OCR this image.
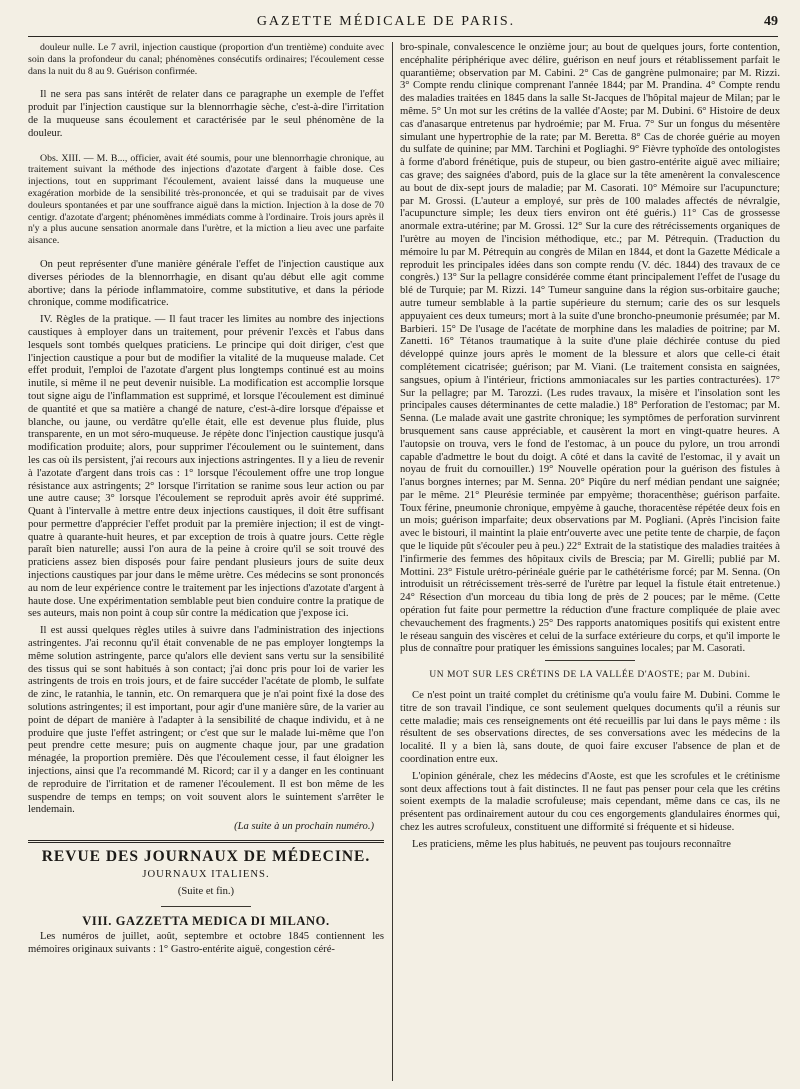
GAZETTE MÉDICALE DE PARIS.	49

douleur nulle. Le 7 avril, injection caustique (proportion d'un trentième) conduite avec soin dans la profondeur du canal; phénomènes consécutifs ordinaires; l'écoulement cesse dans la nuit du 8 au 9. Guérison confirmée.

Il ne sera pas sans intérêt de relater dans ce paragraphe un exemple de l'effet produit par l'injection caustique sur la blennorrhagie sèche, c'est-à-dire l'irritation de la muqueuse sans écoulement et caractérisée par le seul phénomène de la douleur.

Obs. XIII. — M. B..., officier, avait été soumis, pour une blennorrhagie chronique, au traitement suivant la méthode des injections d'azotate d'argent à faible dose. Ces injections, tout en supprimant l'écoulement, avaient laissé dans la muqueuse une exagération morbide de la sensibilité très-prononcée, et qui se traduisait par de vives douleurs spontanées et par une souffrance aiguë dans la miction. Injection à la dose de 70 centigr. d'azotate d'argent; phénomènes immédiats comme à l'ordinaire. Trois jours après il n'y a plus aucune sensation anormale dans l'urètre, et la miction a lieu avec une parfaite aisance.

On peut représenter d'une manière générale l'effet de l'injection caustique aux diverses périodes de la blennorrhagie, en disant qu'au début elle agit comme abortive; dans la période inflammatoire, comme substitutive, et dans la période chronique, comme modificatrice.

IV. Règles de la pratique. — Il faut tracer les limites au nombre des injections caustiques à employer dans un traitement, pour prévenir l'excès et l'abus dans lesquels sont tombés quelques praticiens. Le principe qui doit diriger, c'est que l'injection caustique a pour but de modifier la vitalité de la muqueuse malade. Cet effet produit, l'emploi de l'azotate d'argent plus longtemps continué est au moins inutile, si même il ne peut devenir nuisible. La modification est accomplie lorsque tout signe aigu de l'inflammation est supprimé, et lorsque l'écoulement est diminué de quantité et que sa matière a changé de nature, c'est-à-dire lorsque d'épaisse et blanche, ou jaune, ou verdâtre qu'elle était, elle est devenue plus fluide, plus transparente, en un mot séro-muqueuse. Je répète donc l'injection caustique jusqu'à modification produite; alors, pour supprimer l'écoulement ou le suintement, dans les cas où ils persistent, j'ai recours aux injections astringentes. Il y a lieu de revenir à l'azotate d'argent dans trois cas : 1° lorsque l'écoulement offre une trop longue résistance aux astringents; 2° lorsque l'irritation se ranime sous leur action ou par une autre cause; 3° lorsque l'écoulement se reproduit après avoir été supprimé. Quant à l'intervalle à mettre entre deux injections caustiques, il doit être suffisant pour permettre d'apprécier l'effet produit par la première injection; il est de vingt-quatre à quarante-huit heures, et par exception de trois à quatre jours. Cette règle paraît bien naturelle; aussi l'on aura de la peine à croire qu'il se soit trouvé des praticiens assez bien disposés pour faire pendant plusieurs jours de suite deux injections caustiques par jour dans le même urètre. Ces médecins se sont prononcés au nom de leur expérience contre le traitement par les injections d'azotate d'argent à haute dose. Une expérimentation semblable peut bien conduire contre la pratique de ses auteurs, mais non point à coup sûr contre la médication que j'expose ici.

Il est aussi quelques règles utiles à suivre dans l'administration des injections astringentes. J'ai reconnu qu'il était convenable de ne pas employer longtemps la même solution astringente, parce qu'alors elle devient sans vertu sur la sensibilité des tissus qui se sont habitués à son contact; j'ai donc pris pour loi de varier les astringents de trois en trois jours, et de faire succéder l'acétate de plomb, le sulfate de zinc, le ratanhia, le tannin, etc. On remarquera que je n'ai point fixé la dose des solutions astringentes; il est important, pour agir d'une manière sûre, de la varier au point de départ de manière à l'adapter à la sensibilité de chaque individu, et à ne produire que juste l'effet astringent; or c'est que sur le malade lui-même que l'on peut prendre cette mesure; puis on augmente chaque jour, par une gradation ménagée, la proportion première. Dès que l'écoulement cesse, il faut éloigner les injections, ainsi que l'a recommandé M. Ricord; car il y a danger en les continuant de reproduire de l'irritation et de ramener l'écoulement. Il est bon même de les suspendre de temps en temps; on voit souvent alors le suintement s'arrêter le lendemain.

(La suite à un prochain numéro.)

REVUE DES JOURNAUX DE MÉDECINE.
JOURNAUX ITALIENS.
(Suite et fin.)
VIII. GAZZETTA MEDICA DI MILANO.

Les numéros de juillet, août, septembre et octobre 1845 contiennent les mémoires originaux suivants : 1° Gastro-entérite aiguë, congestion céré-

bro-spinale, convalescence le onzième jour; au bout de quelques jours, forte contention, encéphalite périphérique avec délire, guérison en neuf jours et rétablissement parfait le quarantième; observation par M. Cabini. 2° Cas de gangrène pulmonaire; par M. Rizzi. 3° Compte rendu clinique comprenant l'année 1844; par M. Prandina. 4° Compte rendu des maladies traitées en 1845 dans la salle St-Jacques de l'hôpital majeur de Milan; par le même. 5° Un mot sur les crétins de la vallée d'Aoste; par M. Dubini. 6° Histoire de deux cas d'anasarque entretenus par hydroémie; par M. Frua. 7° Sur un fongus du mésentère simulant une hypertrophie de la rate; par M. Beretta. 8° Cas de chorée guérie au moyen du sulfate de quinine; par MM. Tarchini et Pogliaghi. 9° Fièvre typhoïde des ontologistes à forme d'abord frénétique, puis de stupeur, ou bien gastro-entérite aiguë avec miliaire; cas grave; des saignées d'abord, puis de la glace sur la tête amenèrent la convalescence au bout de dix-sept jours de maladie; par M. Casorati. 10° Mémoire sur l'acupuncture; par M. Grossi. (L'auteur a employé, sur près de 100 malades affectés de névralgie, l'acupuncture simple; les deux tiers environ ont été guéris.) 11° Cas de grossesse anormale extra-utérine; par M. Grossi. 12° Sur la cure des rétrécissements organiques de l'urètre au moyen de l'incision méthodique, etc.; par M. Pétrequin. (Traduction du mémoire lu par M. Pétrequin au congrès de Milan en 1844, et dont la Gazette Médicale a reproduit les principales idées dans son compte rendu (V. déc. 1844) des travaux de ce congrès.) 13° Sur la pellagre considérée comme étant principalement l'effet de l'usage du blé de Turquie; par M. Rizzi. 14° Tumeur sanguine dans la région sus-orbitaire gauche; autre tumeur semblable à la partie supérieure du sternum; carie des os sur lesquels appuyaient ces deux tumeurs; mort à la suite d'une broncho-pneumonie présumée; par M. Barbieri. 15° De l'usage de l'acétate de morphine dans les maladies de poitrine; par M. Zanetti. 16° Tétanos traumatique à la suite d'une plaie déchirée contuse du pied développé quinze jours après le moment de la blessure et alors que celle-ci était complétement cicatrisée; guérison; par M. Viani. (Le traitement consista en saignées, sangsues, opium à l'intérieur, frictions ammoniacales sur les parties contracturées). 17° Sur la pellagre; par M. Tarozzi. (Les rudes travaux, la misère et l'insolation sont les principales causes déterminantes de cette maladie.) 18° Perforation de l'estomac; par M. Senna. (Le malade avait une gastrite chronique; les symptômes de perforation survinrent brusquement sans cause appréciable, et causèrent la mort en vingt-quatre heures. A l'autopsie on trouva, vers le fond de l'estomac, à un pouce du pylore, un trou arrondi capable d'admettre le bout du doigt. A côté et dans la cavité de l'estomac, il y avait un noyau de fruit du cornouiller.) 19° Nouvelle opération pour la guérison des fistules à l'anus borgnes internes; par M. Senna. 20° Piqûre du nerf médian pendant une saignée; par le même. 21° Pleurésie terminée par empyème; thoracenthèse; guérison parfaite. Toux férine, pneumonie chronique, empyème à gauche, thoracentèse répétée deux fois en un mois; guérison imparfaite; deux observations par M. Pogliani. (Après l'incision faite avec le bistouri, il maintint la plaie entr'ouverte avec une petite tente de charpie, de façon que le liquide pût s'écouler peu à peu.) 22° Extrait de la statistique des maladies traitées à l'infirmerie des femmes des hôpitaux civils de Brescia; par M. Girelli; publié par M. Mottini. 23° Fistule urétro-périnéale guérie par le cathétérisme forcé; par M. Senna. (On introduisit un rétrécissement très-serré de l'urètre par lequel la fistule était entretenue.) 24° Résection d'un morceau du tibia long de près de 2 pouces; par le même. (Cette opération fut faite pour permettre la réduction d'une fracture compliquée de plaie avec chevauchement des fragments.) 25° Des rapports anatomiques positifs qui existent entre le réseau sanguin des viscères et celui de la surface extérieure du corps, et qu'il importe le plus de connaître pour pratiquer les émissions sanguines locales; par M. Casorati.

UN MOT SUR LES CRÉTINS DE LA VALLÉE D'AOSTE; par M. Dubini.

Ce n'est point un traité complet du crétinisme qu'a voulu faire M. Dubini. Comme le titre de son travail l'indique, ce sont seulement quelques documents qu'il a réunis sur cette maladie; mais ces renseignements ont été recueillis par lui dans le pays même : ils résultent de ses observations directes, de ses conversations avec les médecins de la localité. Il y a bien là, sans doute, de quoi faire excuser l'absence de plan et de coordination entre eux.

L'opinion générale, chez les médecins d'Aoste, est que les scrofules et le crétinisme sont deux affections tout à fait distinctes. Il ne faut pas penser pour cela que les crétins soient exempts de la maladie scrofuleuse; mais cependant, même dans ce cas, ils ne présentent pas ordinairement autour du cou ces engorgements glandulaires énormes qui, chez les autres scrofuleux, constituent une difformité si fréquente et si hideuse.

Les praticiens, même les plus habitués, ne peuvent pas toujours reconnaître
